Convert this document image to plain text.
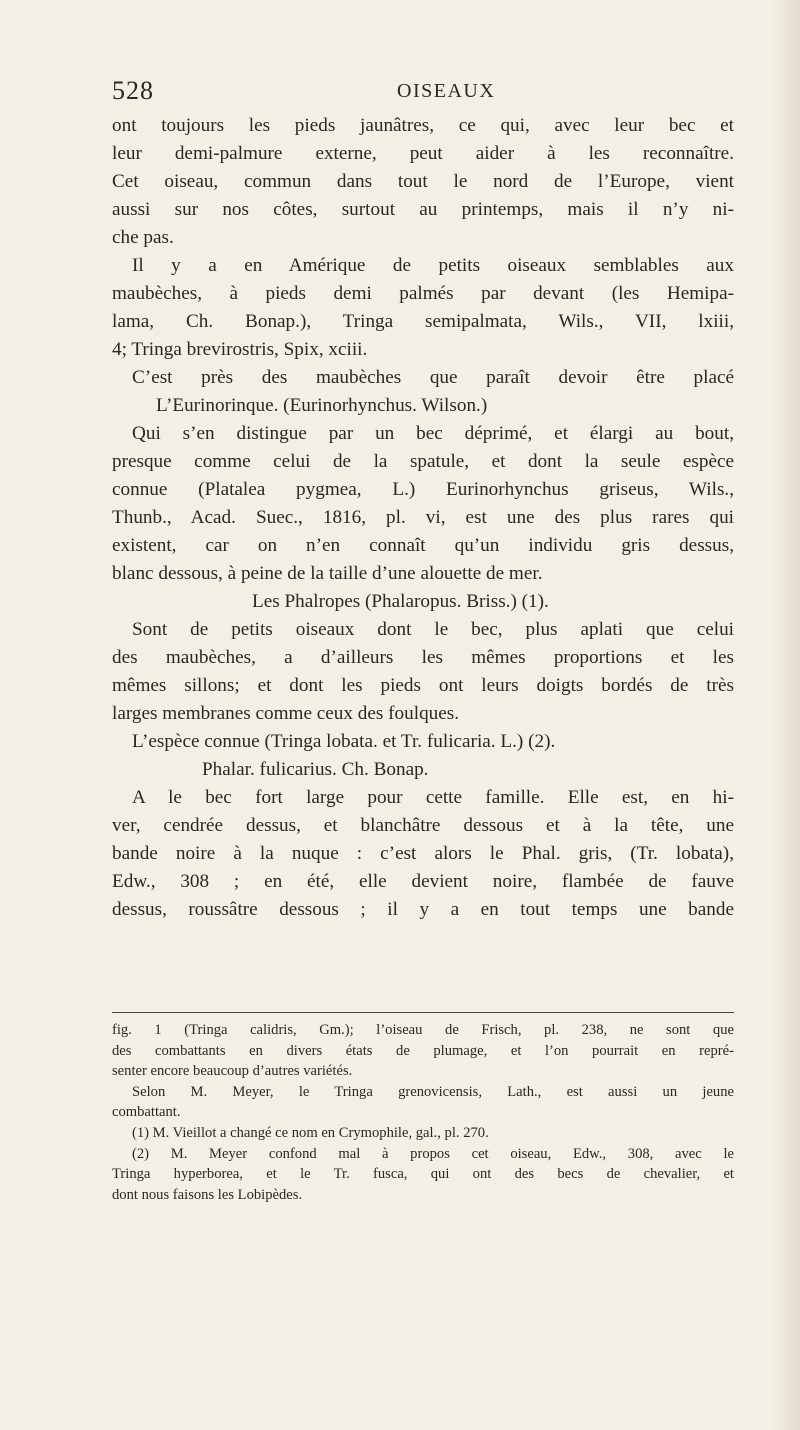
528	OISEAUX
ont toujours les pieds jaunâtres, ce qui, avec leur bec et
leur demi-palmure externe, peut aider à les reconnaître.
Cet oiseau, commun dans tout le nord de l’Europe, vient
aussi sur nos côtes, surtout au printemps, mais il n’y ni-
che pas.
Il y a en Amérique de petits oiseaux semblables aux
maubèches, à pieds demi palmés par devant (les Hemipa-
lama, Ch. Bonap.), Tringa semipalmata, Wils., VII, lxiii,
4; Tringa brevirostris, Spix, xciii.
C’est près des maubèches que paraît devoir être placé
L’Eurinorinque. (Eurinorhynchus. Wilson.)
Qui s’en distingue par un bec déprimé, et élargi au bout,
presque comme celui de la spatule, et dont la seule espèce
connue (Platalea pygmea, L.) Eurinorhynchus griseus, Wils.,
Thunb., Acad. Suec., 1816, pl. vi, est une des plus rares qui
existent, car on n’en connaît qu’un individu gris dessus,
blanc dessous, à peine de la taille d’une alouette de mer.
Les Phalropes (Phalaropus. Briss.) (1).
Sont de petits oiseaux dont le bec, plus aplati que celui
des maubèches, a d’ailleurs les mêmes proportions et les
mêmes sillons; et dont les pieds ont leurs doigts bordés de très
larges membranes comme ceux des foulques.
L’espèce connue (Tringa lobata. et Tr. fulicaria. L.) (2).
Phalar. fulicarius. Ch. Bonap.
A le bec fort large pour cette famille. Elle est, en hi-
ver, cendrée dessus, et blanchâtre dessous et à la tête, une
bande noire à la nuque : c’est alors le Phal. gris, (Tr. lobata),
Edw., 308 ; en été, elle devient noire, flambée de fauve
dessus, roussâtre dessous ; il y a en tout temps une bande
fig. 1 (Tringa calidris, Gm.); l’oiseau de Frisch, pl. 238, ne sont que
des combattants en divers états de plumage, et l’on pourrait en repré-
senter encore beaucoup d’autres variétés.
Selon M. Meyer, le Tringa grenovicensis, Lath., est aussi un jeune
combattant.
(1) M. Vieillot a changé ce nom en Crymophile, gal., pl. 270.
(2) M. Meyer confond mal à propos cet oiseau, Edw., 308, avec le
Tringa hyperborea, et le Tr. fusca, qui ont des becs de chevalier, et
dont nous faisons les Lobipèdes.
